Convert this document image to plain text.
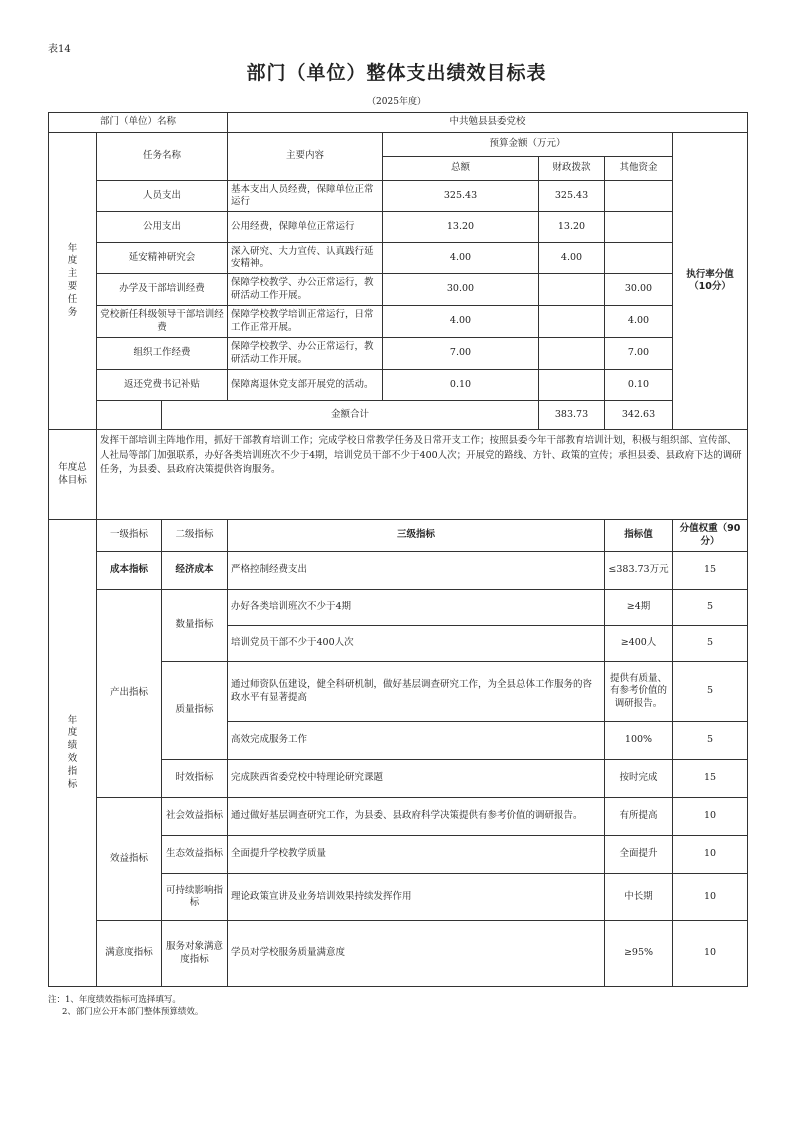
表14
部门（单位）整体支出绩效目标表
（2025年度）
部门（单位）名称			中共勉县县委党校					

年度主要任务	任务名称		主要内容	预算金额（万元）			执行率分值（10分）	
				总额	财政拨款	其他资金		
	人员支出		基本支出人员经费，保障单位正常运行	325.43	325.43			
	公用支出		公用经费，保障单位正常运行	13.20	13.20			
	延安精神研究会		深入研究、大力宣传、认真践行延安精神。	4.00	4.00			
	办学及干部培训经费		保障学校教学、办公正常运行，教研活动工作开展。	30.00		30.00		
	党校新任科级领导干部培训经费		保障学校教学培训正常运行，日常工作正常开展。	4.00		4.00		
	组织工作经费		保障学校教学、办公正常运行，教研活动工作开展。	7.00		7.00		
	返还党费书记补贴		保障离退休党支部开展党的活动。	0.10		0.10		
		金额合计			383.73	342.63	

年度总体目标	发挥干部培训主阵地作用，抓好干部教育培训工作；完成学校日常教学任务及日常开支工作；按照县委今年干部教育培训计划，积极与组织部、宣传部、人社局等部门加强联系，办好各类培训班次不少于4期，培训党员干部不少于400人次；开展党的路线、方针、政策的宣传；承担县委、县政府下达的调研任务，为县委、县政府决策提供咨询服务。							

年度绩效指标	一级指标	二级指标	三级指标			指标值	分值权重（90分）	
	成本指标	经济成本	严格控制经费支出			≤383.73万元	15	
	产出指标	数量指标	办好各类培训班次不少于4期			≥4期	5	
			培训党员干部不少于400人次			≥400人	5	
		质量指标	通过师资队伍建设，健全科研机制，做好基层调查研究工作，为全县总体工作服务的咨政水平有显著提高			提供有质量、有参考价值的调研报告。	5	
			高效完成服务工作			100%	5	
		时效指标	完成陕西省委党校中特理论研究课题			按时完成	15	
	效益指标	社会效益指标	通过做好基层调查研究工作，为县委、县政府科学决策提供有参考价值的调研报告。			有所提高	10	
		生态效益指标	全面提升学校教学质量			全面提升	10	
		可持续影响指标	理论政策宣讲及业务培训效果持续发挥作用			中长期	10	
	满意度指标	服务对象满意度指标	学员对学校服务质量满意度			≥95%	10	
注：1、年度绩效指标可选择填写。
2、部门应公开本部门整体预算绩效。
